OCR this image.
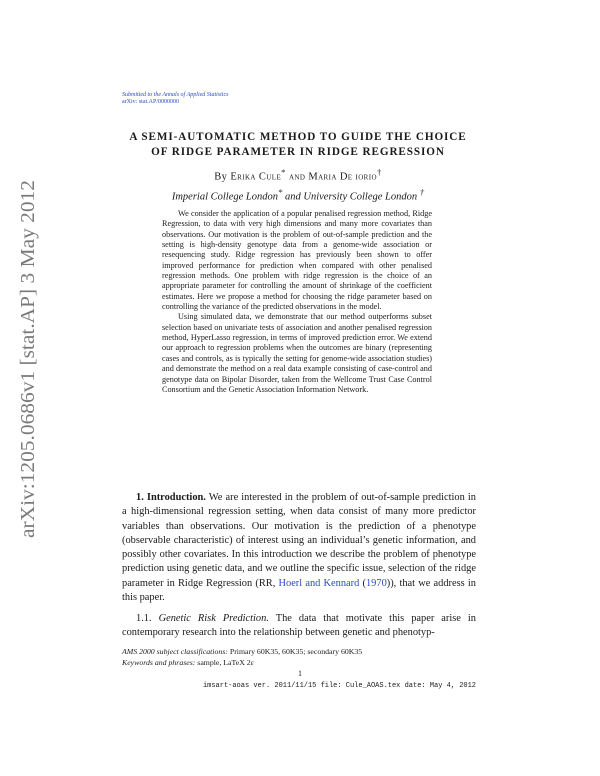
arXiv:1205.0686v1 [stat.AP] 3 May 2012
Submitted to the Annals of Applied Statistics
arXiv: stat.AP/0000000
A SEMI-AUTOMATIC METHOD TO GUIDE THE CHOICE
OF RIDGE PARAMETER IN RIDGE REGRESSION
By Erika Cule* and Maria De iorio†
Imperial College London* and University College London †

We consider the application of a popular penalised regression method, Ridge Regression, to data with very high dimensions and many more covariates than observations. Our motivation is the problem of out-of-sample prediction and the setting is high-density genotype data from a genome-wide association or resequencing study. Ridge regression has previously been shown to offer improved performance for prediction when compared with other penalised regression methods. One problem with ridge regression is the choice of an appropriate parameter for controlling the amount of shrinkage of the coefficient estimates. Here we propose a method for choosing the ridge parameter based on controlling the variance of the predicted observations in the model.

Using simulated data, we demonstrate that our method outperforms subset selection based on univariate tests of association and another penalised regression method, HyperLasso regression, in terms of improved prediction error. We extend our approach to regression problems when the outcomes are binary (representing cases and controls, as is typically the setting for genome-wide association studies) and demonstrate the method on a real data example consisting of case-control and genotype data on Bipolar Disorder, taken from the Wellcome Trust Case Control Consortium and the Genetic Association Information Network.

1. Introduction. We are interested in the problem of out-of-sample prediction in a high-dimensional regression setting, when data consist of many more predictor variables than observations. Our motivation is the prediction of a phenotype (observable characteristic) of interest using an individual’s genetic information, and possibly other covariates. In this introduction we describe the problem of phenotype prediction using genetic data, and we outline the specific issue, selection of the ridge parameter in Ridge Regression (RR, Hoerl and Kennard (1970)), that we address in this paper.

1.1. Genetic Risk Prediction. The data that motivate this paper arise in contemporary research into the relationship between genetic and phenotyp-

AMS 2000 subject classifications: Primary 60K35, 60K35; secondary 60K35
Keywords and phrases: sample, LaTeX 2ε
1
imsart-aoas ver. 2011/11/15 file: Cule_AOAS.tex date: May 4, 2012
